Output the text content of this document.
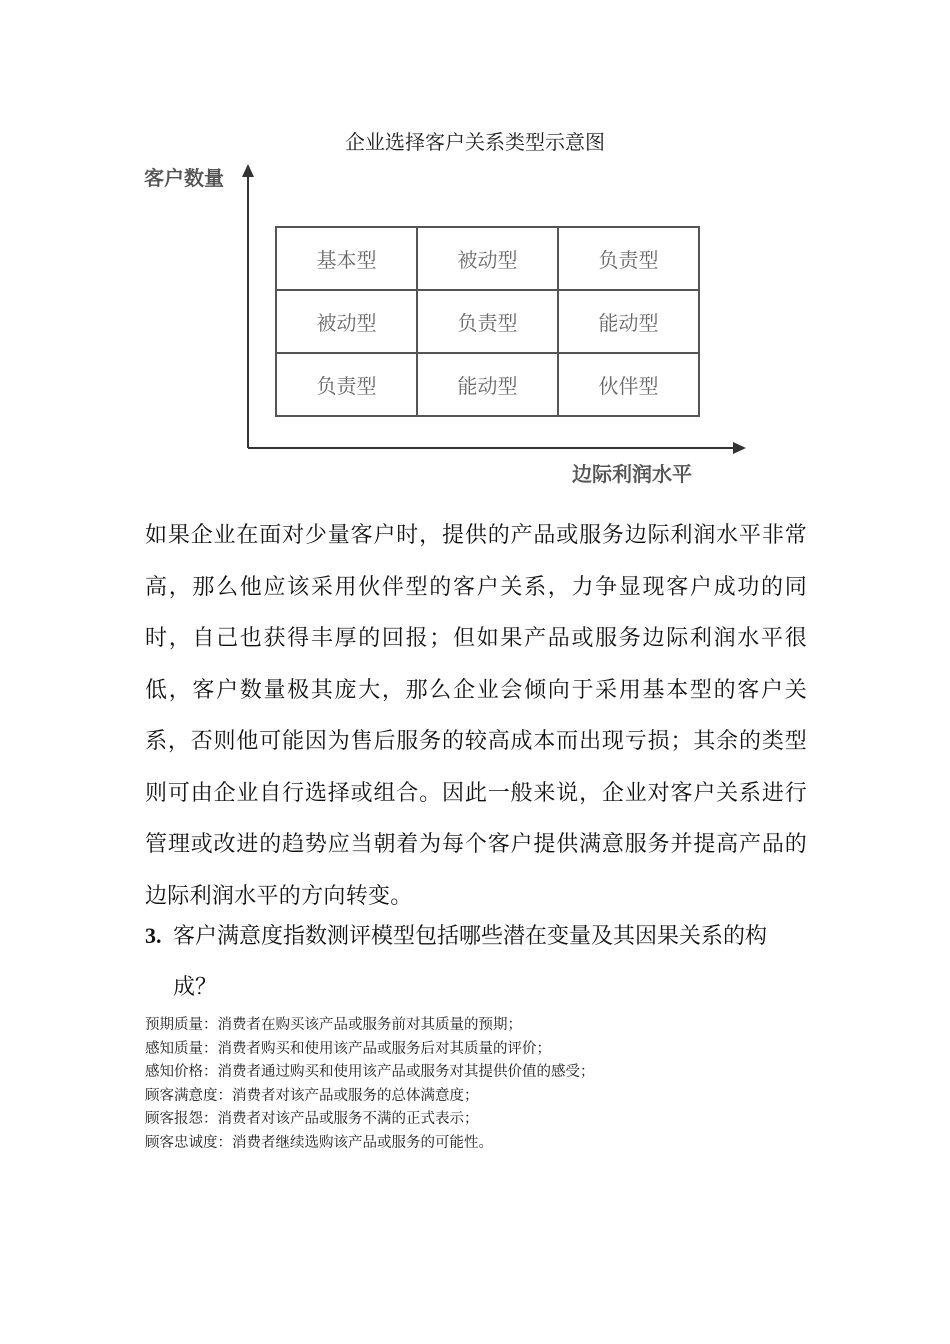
企业选择客户关系类型示意图
客户数量
边际利润水平
基本型	被动型	负责型
被动型	负责型	能动型
负责型	能动型	伙伴型

如果企业在面对少量客户时，提供的产品或服务边际利润水平非常高，那么他应该采用伙伴型的客户关系，力争显现客户成功的同时，自己也获得丰厚的回报；但如果产品或服务边际利润水平很低，客户数量极其庞大，那么企业会倾向于采用基本型的客户关系，否则他可能因为售后服务的较高成本而出现亏损；其余的类型则可由企业自行选择或组合。因此一般来说，企业对客户关系进行管理或改进的趋势应当朝着为每个客户提供满意服务并提高产品的边际利润水平的方向转变。

3. 客户满意度指数测评模型包括哪些潜在变量及其因果关系的构
成？
预期质量：消费者在购买该产品或服务前对其质量的预期；
感知质量：消费者购买和使用该产品或服务后对其质量的评价；
感知价格：消费者通过购买和使用该产品或服务对其提供价值的感受；
顾客满意度：消费者对该产品或服务的总体满意度；
顾客报怨：消费者对该产品或服务不满的正式表示；
顾客忠诚度：消费者继续选购该产品或服务的可能性。
